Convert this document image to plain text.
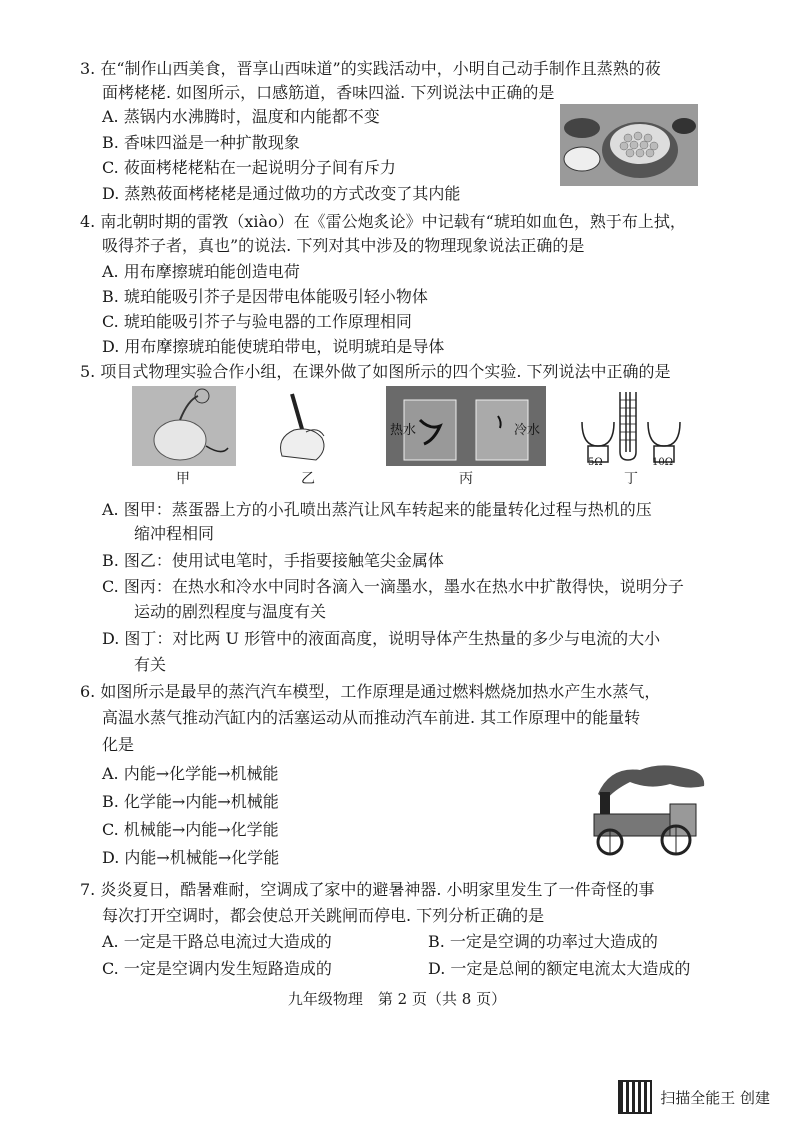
3. 在“制作山西美食，晋享山西味道”的实践活动中，小明自己动手制作且蒸熟的莜
面栲栳栳. 如图所示，口感筋道，香味四溢. 下列说法中正确的是
A. 蒸锅内水沸腾时，温度和内能都不变
B. 香味四溢是一种扩散现象
C. 莜面栲栳栳粘在一起说明分子间有斥力
D. 蒸熟莜面栲栳栳是通过做功的方式改变了其内能
4. 南北朝时期的雷敩（xiào）在《雷公炮炙论》中记载有“琥珀如血色，熟于布上拭，
吸得芥子者，真也”的说法. 下列对其中涉及的物理现象说法正确的是
A. 用布摩擦琥珀能创造电荷
B. 琥珀能吸引芥子是因带电体能吸引轻小物体
C. 琥珀能吸引芥子与验电器的工作原理相同
D. 用布摩擦琥珀能使琥珀带电，说明琥珀是导体
5. 项目式物理实验合作小组，在课外做了如图所示的四个实验. 下列说法中正确的是
热水	冷水
5Ω	10Ω
甲	乙	丙	丁
A. 图甲：蒸蛋器上方的小孔喷出蒸汽让风车转起来的能量转化过程与热机的压
缩冲程相同
B. 图乙：使用试电笔时，手指要接触笔尖金属体
C. 图丙：在热水和冷水中同时各滴入一滴墨水，墨水在热水中扩散得快，说明分子
运动的剧烈程度与温度有关
D. 图丁：对比两 U 形管中的液面高度，说明导体产生热量的多少与电流的大小
有关
6. 如图所示是最早的蒸汽汽车模型，工作原理是通过燃料燃烧加热水产生水蒸气，
高温水蒸气推动汽缸内的活塞运动从而推动汽车前进. 其工作原理中的能量转
化是
A. 内能→化学能→机械能
B. 化学能→内能→机械能
C. 机械能→内能→化学能
D. 内能→机械能→化学能
7. 炎炎夏日，酷暑难耐，空调成了家中的避暑神器. 小明家里发生了一件奇怪的事
每次打开空调时，都会使总开关跳闸而停电. 下列分析正确的是
A. 一定是干路总电流过大造成的	B. 一定是空调的功率过大造成的
C. 一定是空调内发生短路造成的	D. 一定是总闸的额定电流太大造成的
九年级物理　第 2 页（共 8 页）
扫描全能王 创建
